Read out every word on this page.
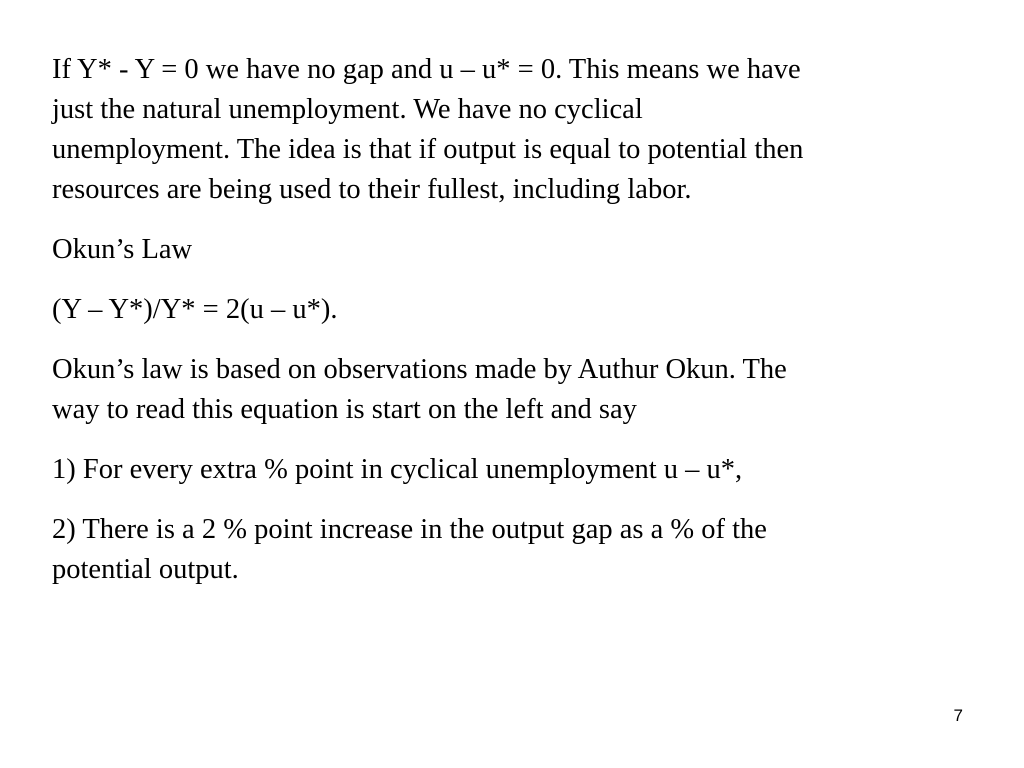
If Y* - Y = 0 we have no gap and u – u* = 0. This means we have
just the natural unemployment. We have no cyclical
unemployment. The idea is that if output is equal to potential then
resources are being used to their fullest, including labor.

Okun’s Law

(Y – Y*)/Y* = 2(u – u*).

Okun’s law is based on observations made by Authur Okun. The
way to read this equation is start on the left and say

1) For every extra % point in cyclical unemployment u – u*,

2) There is a 2 % point increase in the output gap as a % of the
potential output.

7
